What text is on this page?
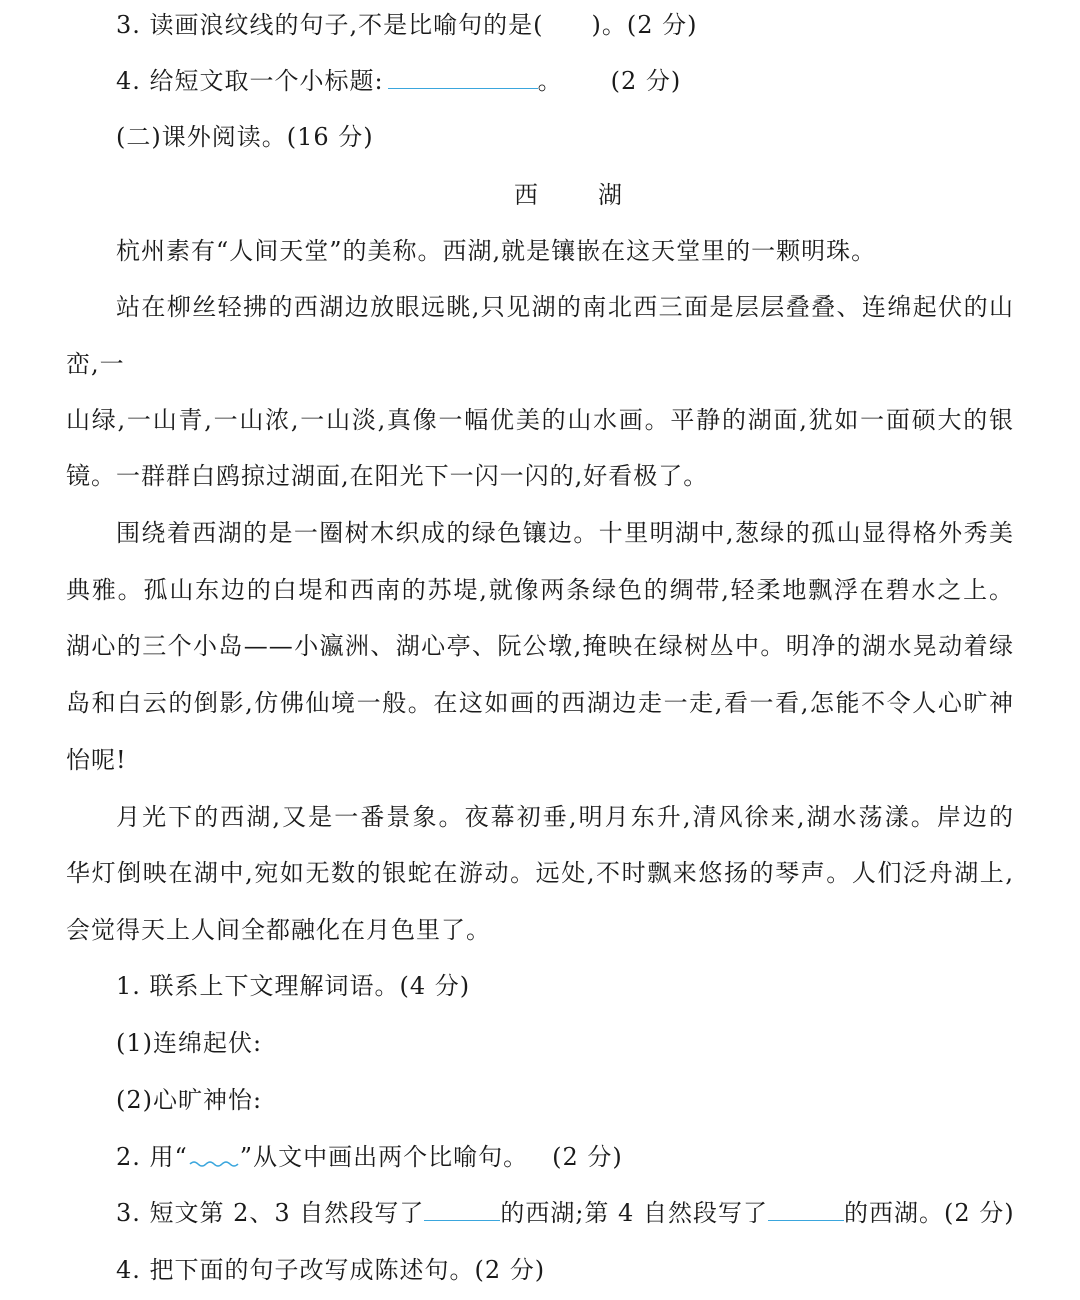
3. 读画浪纹线的句子,不是比喻句的是( )。(2 分)
4. 给短文取一个小标题:	。 (2 分)
(二)课外阅读。(16 分)
西湖
杭州素有“人间天堂”的美称。西湖,就是镶嵌在这天堂里的一颗明珠。
站在柳丝轻拂的西湖边放眼远眺,只见湖的南北西三面是层层叠叠、连绵起伏的山
峦,一
山绿,一山青,一山浓,一山淡,真像一幅优美的山水画。平静的湖面,犹如一面硕大的银
镜。一群群白鸥掠过湖面,在阳光下一闪一闪的,好看极了。
围绕着西湖的是一圈树木织成的绿色镶边。十里明湖中,葱绿的孤山显得格外秀美
典雅。孤山东边的白堤和西南的苏堤,就像两条绿色的绸带,轻柔地飘浮在碧水之上。
湖心的三个小岛——小瀛洲、湖心亭、阮公墩,掩映在绿树丛中。明净的湖水晃动着绿
岛和白云的倒影,仿佛仙境一般。在这如画的西湖边走一走,看一看,怎能不令人心旷神
怡呢!
月光下的西湖,又是一番景象。夜幕初垂,明月东升,清风徐来,湖水荡漾。岸边的
华灯倒映在湖中,宛如无数的银蛇在游动。远处,不时飘来悠扬的琴声。人们泛舟湖上,
会觉得天上人间全都融化在月色里了。
1. 联系上下文理解词语。(4 分)
(1)连绵起伏:
(2)心旷神怡:
2. 用“ ”从文中画出两个比喻句。 (2 分)
3. 短文第 2、3 自然段写了	的西湖;第 4 自然段写了	的西湖。(2 分)
4. 把下面的句子改写成陈述句。(2 分)
